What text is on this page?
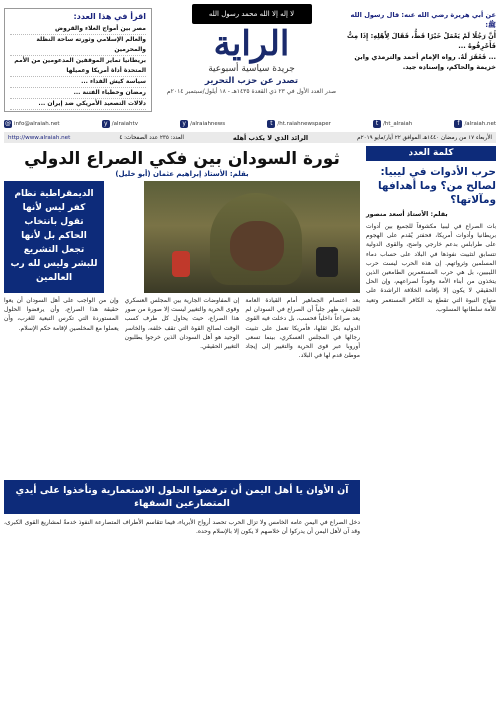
عن أبي هريرة رضي الله عنه: قال رسول الله ﷺ:
أَنَّ رَجُلًا لَمْ يَعْمَلْ خَيْرًا قَطُّ، فَقَالَ لِأَهْلِهِ: إِذَا مِتُّ فَأَحْرِقُوهُ ...
... فَغَفَرَ لَهُ. رواه الإمام أحمد والترمذي وابن خزيمة والحاكم، وإسناده جيد.
لا إله إلا الله محمد رسول الله
الراية
جريدة سياسية أسبوعية
تصدر عن حزب التحرير
صدر العدد الأول في ٢٣ ذي القعدة ١٤٣٥هـ - ١٨ أيلول/سبتمبر ٢٠١٤م
اقرأ في هذا العدد:
مصر بين أمواج الغلاء والقروض
والعالم الإسلامي وثورته ساحة النظلة والمحرمين
بريطانيا تماير الموقفين المدعومين من الأمم المتحدة أداة أمريكا وعميلها
سياسة كيش الفداء ...
رمضان وخطباء الفتنة ...
دلالات التصعيد الأمريكي ضد إيران ...
f /alraiah.net
t /ht_alraiah
t /ht.raiahnewspaper
y /alraiahnews
y /alraiahtv
@ info@alraiah.net
الأربعاء ١٧ من رمضان ١٤٤٠هـ الموافق ٢٢ أيار/مايو ٢٠١٩م
الرائد الذي لا يكذب أهله
العدد: ٢٣٥ عدد الصفحات: ٤
http://www.alraiah.net
كلمة العدد
حرب الأدوات في ليبيا: لصالح من؟ وما أهدافها ومآلاتها؟
بقلم: الأستاذ أسعد منصور
بات الصراع في ليبيا مكشوفاً للجميع بين أدوات بريطانيا وأدوات أمريكا، فحفتر يُقدم على الهجوم على طرابلس بدعم خارجي واضح، والقوى الدولية تتسابق لتثبيت نفوذها في البلاد على حساب دماء المسلمين وثرواتهم. إن هذه الحرب ليست حرب الليبيين، بل هي حرب المستعمرين الطامعين الذين يتخذون من أبناء الأمة وقوداً لصراعهم، وإن الحل الحقيقي لا يكون إلا بإقامة الخلافة الراشدة على منهاج النبوة التي تقطع يد الكافر المستعمر وتعيد للأمة سلطانها المسلوب.
ثورة السودان بين فكي الصراع الدولي
بقلم: الأستاذ إبراهيم عثمان (أبو خليل)
الديمقراطية نظام كفر ليس لأنها تقول بانتخاب الحاكم بل لأنها تجعل التشريع للبشر وليس لله رب العالمين
بعد اعتصام الجماهير أمام القيادة العامة للجيش، ظهر جلياً أن الصراع في السودان لم يعد صراعاً داخلياً فحسب، بل دخلت فيه القوى الدولية بكل ثقلها، فأمريكا تعمل على تثبيت رجالها في المجلس العسكري، بينما تسعى أوروبا عبر قوى الحرية والتغيير إلى إيجاد موطئ قدم لها في البلاد.
إن المفاوضات الجارية بين المجلس العسكري وقوى الحرية والتغيير ليست إلا صورة من صور هذا الصراع، حيث يحاول كل طرف كسب الوقت لصالح القوة التي تقف خلفه، والخاسر الوحيد هو أهل السودان الذين خرجوا يطلبون التغيير الحقيقي.
وإن من الواجب على أهل السودان أن يعوا حقيقة هذا الصراع، وأن يرفضوا الحلول المستوردة التي تكرس التبعية للغرب، وأن يعملوا مع المخلصين لإقامة حكم الإسلام.
آن الأوان يا أهل اليمن أن ترفضوا الحلول الاستعمارية وتأخذوا على أيدي المتصارعين السفهاء
دخل الصراع في اليمن عامه الخامس ولا تزال الحرب تحصد أرواح الأبرياء، فيما تتقاسم الأطراف المتصارعة النفوذ خدمةً لمشاريع القوى الكبرى، وقد آن لأهل اليمن أن يدركوا أن خلاصهم لا يكون إلا بالإسلام وحده.
